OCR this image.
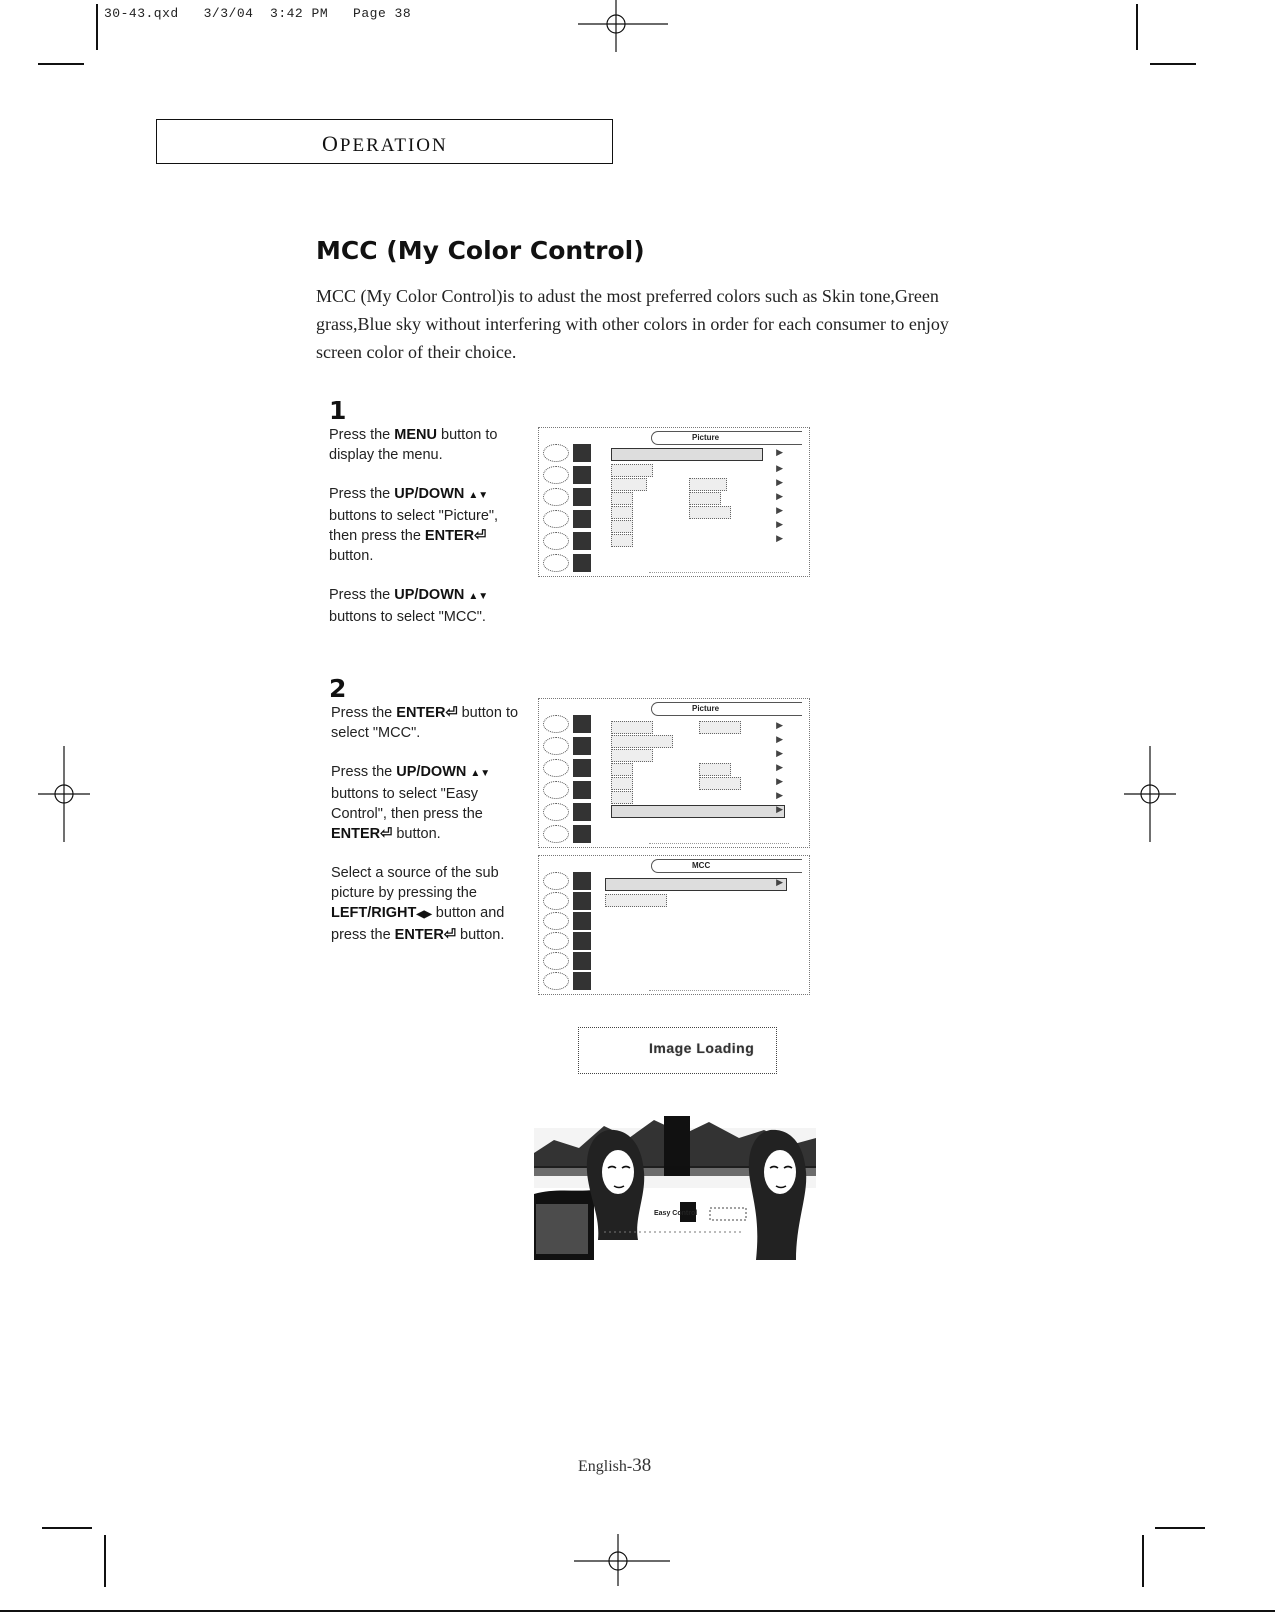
30-43.qxd   3/3/04  3:42 PM   Page 38
OPERATION
MCC (My Color Control)
MCC (My Color Control)is to adust the most preferred colors such as Skin tone,Green grass,Blue sky without interfering with other colors in order for each consumer to enjoy screen color of their choice.
1

Press the MENU button to display the menu.

Press the UP/DOWN ▲▼ buttons to select "Picture", then press the ENTER⏎ button.

Press the UP/DOWN ▲▼ buttons to select "MCC".

2

Press the ENTER⏎ button to select "MCC".

Press the UP/DOWN ▲▼ buttons to select "Easy Control", then press the ENTER⏎ button.

Select a source of the sub picture by pressing the LEFT/RIGHT◀▶ button and press the ENTER⏎ button.

Picture
▶
▶
▶
▶
▶
▶
▶
Picture
▶
▶
▶
▶
▶
▶
▶
MCC
▶
Image Loading
Easy Control
English-38
